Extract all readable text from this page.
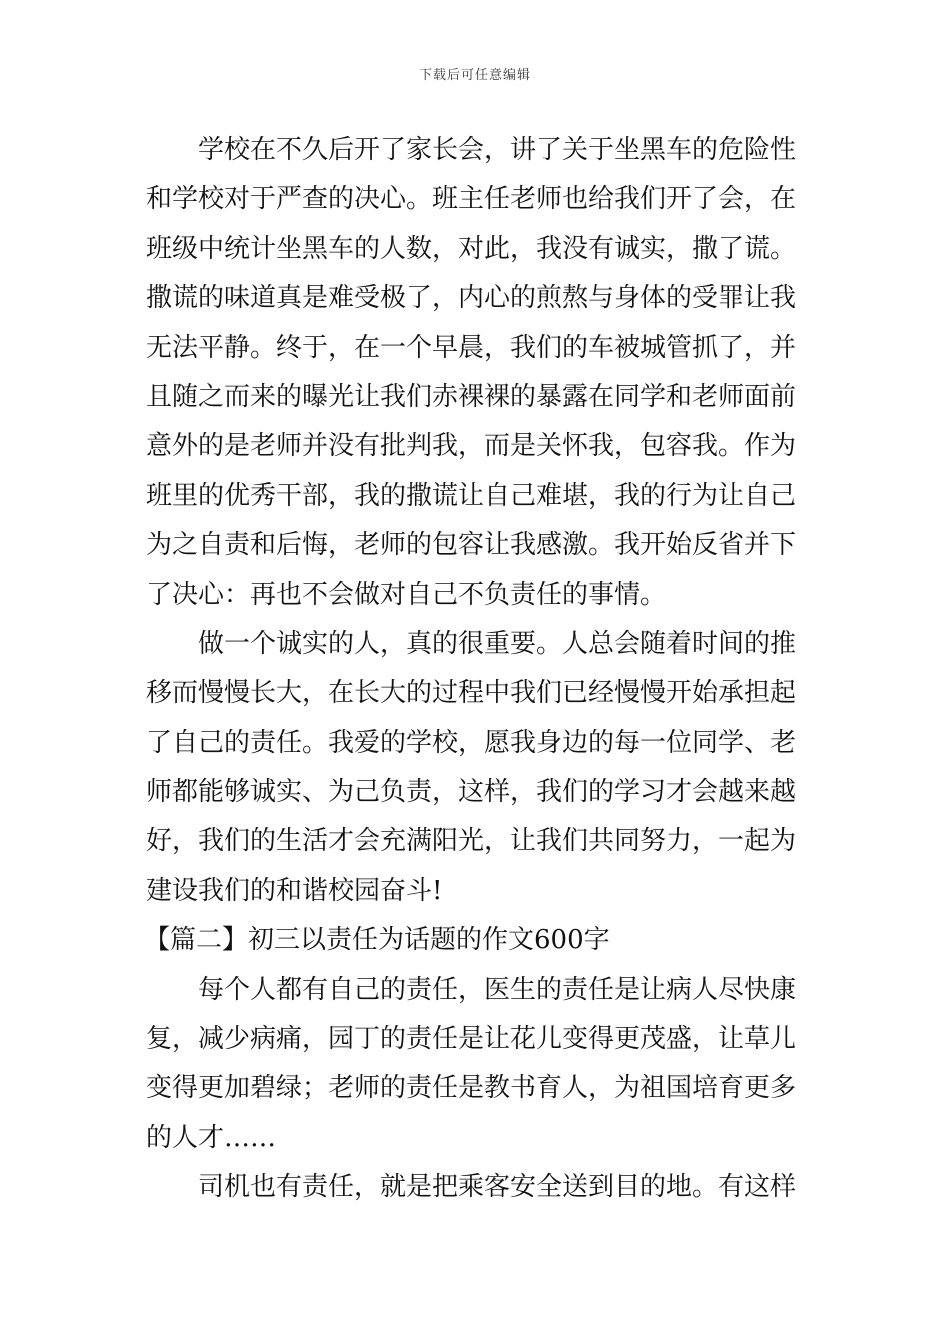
下载后可任意编辑
学校在不久后开了家长会，讲了关于坐黑车的危险性
和学校对于严查的决心。班主任老师也给我们开了会，在
班级中统计坐黑车的人数，对此，我没有诚实，撒了谎。
撒谎的味道真是难受极了，内心的煎熬与身体的受罪让我
无法平静。终于，在一个早晨，我们的车被城管抓了，并
且随之而来的曝光让我们赤裸裸的暴露在同学和老师面前
意外的是老师并没有批判我，而是关怀我，包容我。作为
班里的优秀干部，我的撒谎让自己难堪，我的行为让自己
为之自责和后悔，老师的包容让我感激。我开始反省并下
了决心：再也不会做对自己不负责任的事情。
做一个诚实的人，真的很重要。人总会随着时间的推
移而慢慢长大，在长大的过程中我们已经慢慢开始承担起
了自己的责任。我爱的学校，愿我身边的每一位同学、老
师都能够诚实、为己负责，这样，我们的学习才会越来越
好，我们的生活才会充满阳光，让我们共同努力，一起为
建设我们的和谐校园奋斗!
【篇二】初三以责任为话题的作文600字
每个人都有自己的责任，医生的责任是让病人尽快康
复，减少病痛，园丁的责任是让花儿变得更茂盛，让草儿
变得更加碧绿；老师的责任是教书育人，为祖国培育更多
的人才……
司机也有责任，就是把乘客安全送到目的地。有这样
